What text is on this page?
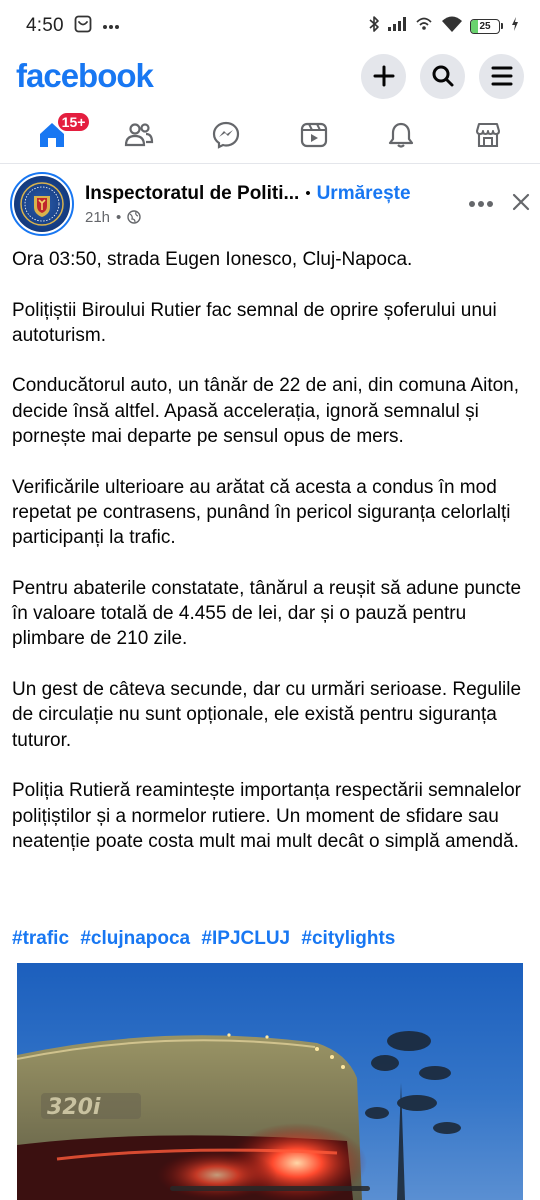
4:50	25
facebook
15+
Inspectoratul de Politi... • Urmărește
21h •

Ora 03:50, strada Eugen Ionesco, Cluj-Napoca.

Polițiștii Biroului Rutier fac semnal de oprire șoferului unui autoturism.

Conducătorul auto, un tânăr de 22 de ani, din comuna Aiton, decide însă altfel. Apasă accelerația, ignoră semnalul și pornește mai departe pe sensul opus de mers.

Verificările ulterioare au arătat că acesta a condus în mod repetat pe contrasens, punând în pericol siguranța celorlalți participanți la trafic.

Pentru abaterile constatate, tânărul a reușit să adune puncte în valoare totală de 4.455 de lei, dar și o pauză pentru plimbare de 210 zile.

Un gest de câteva secunde, dar cu urmări serioase. Regulile de circulație nu sunt opționale, ele există pentru siguranța tuturor.

Poliția Rutieră reamintește importanța respectării semnalelor polițiștilor și a normelor rutiere. Un moment de sfidare sau neatenție poate costa mult mai mult decât o simplă amendă.

#trafic #clujnapoca #IPJCLUJ #citylights
320i
